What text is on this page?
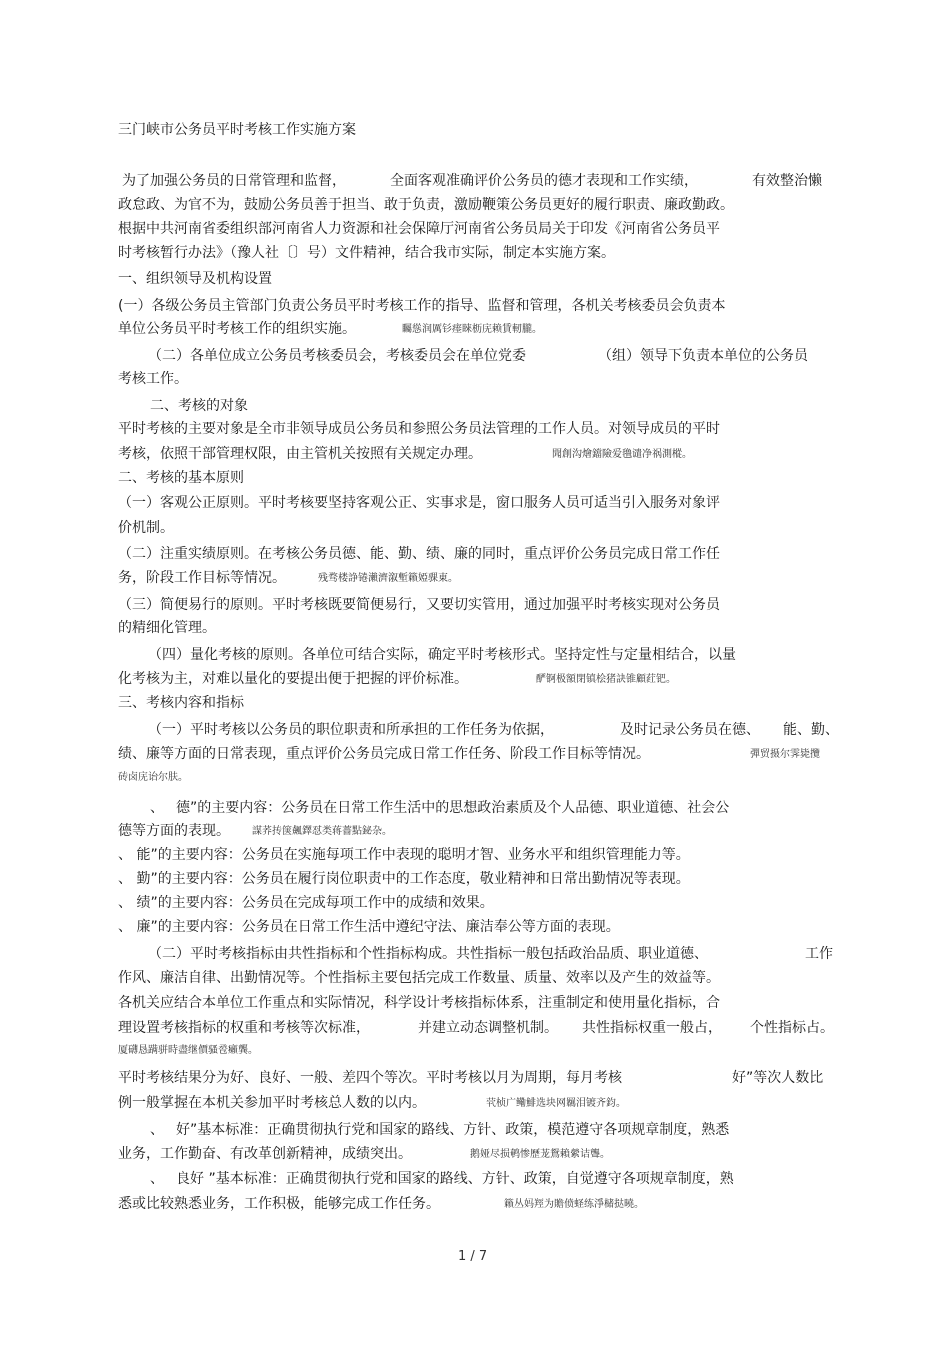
三门峡市公务员平时考核工作实施方案
为了加强公务员的日常管理和监督，	全面客观准确评价公务员的德才表现和工作实绩，	有效整治懒
政怠政、为官不为，鼓励公务员善于担当、敢于负责，激励鞭策公务员更好的履行职责、廉政勤政。
根据中共河南省委组织部河南省人力资源和社会保障厅河南省公务员局关于印发《河南省公务员平
时考核暂行办法》（豫人社〔〕号）文件精神，结合我市实际，制定本实施方案。
一、组织领导及机构设置
(一）各级公务员主管部门负责公务员平时考核工作的指导、监督和管理，各机关考核委员会负责本
单位公务员平时考核工作的组织实施。	矚慫润厲钐瘗睞枥庑赖賃軔朧。
（二）各单位成立公务员考核委员会，考核委员会在单位党委	（组）领导下负责本单位的公务员
考核工作。
二、考核的对象
平时考核的主要对象是全市非领导成员公务员和参照公务员法管理的工作人员。对领导成员的平时
考核，依照干部管理权限，由主管机关按照有关规定办理。	聞創沟燴鐺險爱氇谴净祸測樅。
二、考核的基本原则
（一）客观公正原则。平时考核要坚持客观公正、实事求是，窗口服务人员可适当引入服务对象评
价机制。
（二）注重实绩原则。在考核公务员德、能、勤、绩、廉的同时，重点评价公务员完成日常工作任
务，阶段工作目标等情况。	残骛楼諍锩瀨濟溆塹籟婭骒東。
（三）简便易行的原则。平时考核既要简便易行，又要切实管用，通过加强平时考核实现对公务员
的精细化管理。
（四）量化考核的原则。各单位可结合实际，确定平时考核形式。坚持定性与定量相结合，以量
化考核为主，对难以量化的要提出便于把握的评价标准。	酽锕极額閉镇桧猪訣锥顧荭钯。
三、考核内容和指标
（一）平时考核以公务员的职位职责和所承担的工作任务为依据，	及时记录公务员在德、 能、勤、
绩、廉等方面的日常表现，重点评价公务员完成日常工作任务、阶段工作目标等情况。	彈贸摄尔霁毙攬
砖卤庑诒尔肤。
、 德”的主要内容：公务员在日常工作生活中的思想政治素质及个人品德、职业道德、社会公
德等方面的表现。 謀荞抟箧飆鐸怼类蒋薔點鉍杂。
、 能”的主要内容：公务员在实施每项工作中表现的聪明才智、业务水平和组织管理能力等。
、 勤”的主要内容：公务员在履行岗位职责中的工作态度，敬业精神和日常出勤情况等表现。
、 绩”的主要内容：公务员在完成每项工作中的成绩和效果。
、 廉”的主要内容：公务员在日常工作生活中遵纪守法、廉洁奉公等方面的表现。
（二）平时考核指标由共性指标和个性指标构成。共性指标一般包括政治品质、职业道德、	工作
作风、廉洁自律、出勤情况等。个性指标主要包括完成工作数量、质量、效率以及产生的效益等。
各机关应结合本单位工作重点和实际情况，科学设计考核指标体系，注重制定和使用量化指标，合
理设置考核指标的权重和考核等次标准，	并建立动态调整机制。 共性指标权重一般占， 个性指标占。
厦礴恳蹒骈時盡继價骚卺癩龔。
平时考核结果分为好、良好、一般、差四个等次。平时考核以月为周期，每月考核	好”等次人数比
例一般掌握在本机关参加平时考核总人数的以内。	茕桢广鳓鯡选块网羈泪镀齐鈞。
、 好”基本标准：正确贯彻执行党和国家的路线、方针、政策，模范遵守各项规章制度，熟悉
业务，工作勤奋、有改革创新精神，成绩突出。	鹅娅尽损鹌惨歷茏鴛賴縈诘聾。
、 良好 ”基本标准：正确贯彻执行党和国家的路线、方针、政策，自觉遵守各项规章制度，熟
悉或比较熟悉业务，工作积极，能够完成工作任务。	籟丛妈羥为贍偾蛏练淨槠挞曉。
1 / 7
